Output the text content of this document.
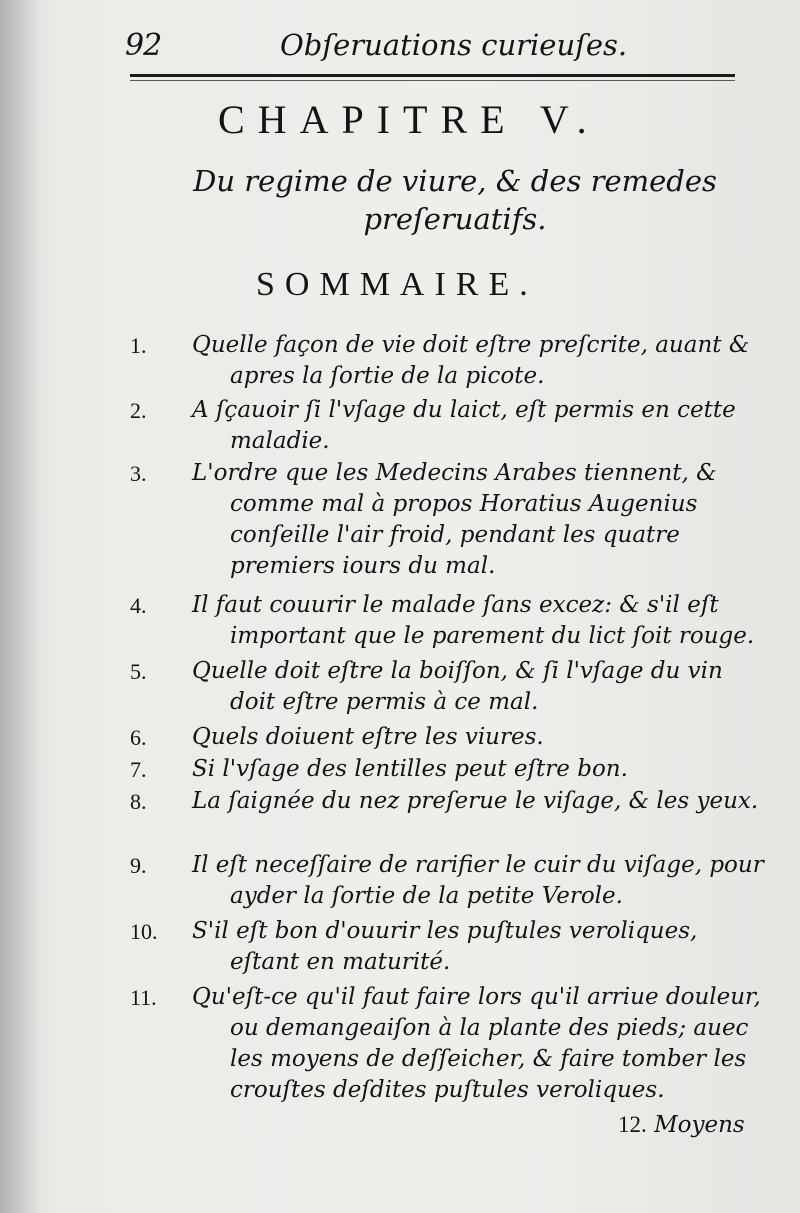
92	Obſeruations curieuſes.
CHAPITRE V.
Du regime de viure, & des remedes
preſeruatifs.
SOMMAIRE.
1. Quelle façon de vie doit eſtre preſcrite, auant & apres la ſortie de la picote.
2. A ſçauoir ſi l'vſage du laict, eſt permis en cette maladie.
3. L'ordre que les Medecins Arabes tiennent, & comme mal à propos Horatius Augenius conſeille l'air froid, pendant les quatre premiers iours du mal.
4. Il faut couurir le malade ſans excez: & s'il eſt important que le parement du lict ſoit rouge.
5. Quelle doit eſtre la boiſſon, & ſi l'vſage du vin doit eſtre permis à ce mal.
6. Quels doiuent eſtre les viures.
7. Si l'vſage des lentilles peut eſtre bon.
8. La ſaignée du nez preſerue le viſage, & les yeux.
9. Il eſt neceſſaire de rarifier le cuir du viſage, pour ayder la ſortie de la petite Verole.
10. S'il eſt bon d'ouurir les puſtules veroliques, eſtant en maturité.
11. Qu'eſt-ce qu'il faut faire lors qu'il arriue douleur, ou demangeaiſon à la plante des pieds; auec les moyens de deſſeicher, & faire tomber les crouſtes deſdites puſtules veroliques.
12. Moyens
